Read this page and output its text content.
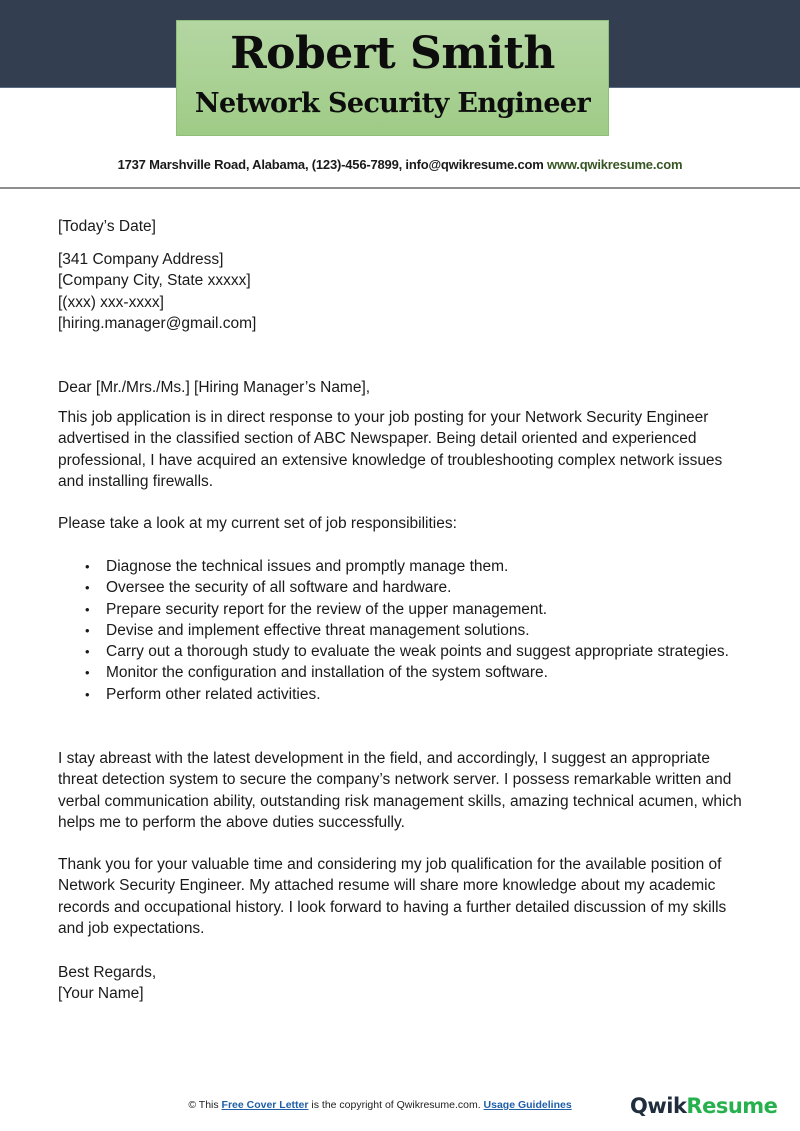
Robert Smith
Network Security Engineer
1737 Marshville Road, Alabama, (123)-456-7899, info@qwikresume.com www.qwikresume.com
[Today’s Date]

[341 Company Address]

[Company City, State xxxxx]

[(xxx) xxx-xxxx]

[hiring.manager@gmail.com]

Dear [Mr./Mrs./Ms.] [Hiring Manager’s Name],
This job application is in direct response to your job posting for your Network Security Engineer advertised in the classified section of ABC Newspaper. Being detail oriented and experienced professional, I have acquired an extensive knowledge of troubleshooting complex network issues and installing firewalls.
Please take a look at my current set of job responsibilities:
• Diagnose the technical issues and promptly manage them.
• Oversee the security of all software and hardware.
• Prepare security report for the review of the upper management.
• Devise and implement effective threat management solutions.
• Carry out a thorough study to evaluate the weak points and suggest appropriate strategies.
• Monitor the configuration and installation of the system software.
• Perform other related activities.
I stay abreast with the latest development in the field, and accordingly, I suggest an appropriate threat detection system to secure the company’s network server. I possess remarkable written and verbal communication ability, outstanding risk management skills, amazing technical acumen, which helps me to perform the above duties successfully.
Thank you for your valuable time and considering my job qualification for the available position of Network Security Engineer. My attached resume will share more knowledge about my academic records and occupational history. I look forward to having a further detailed discussion of my skills and job expectations.

Best Regards,

[Your Name]

© This Free Cover Letter is the copyright of Qwikresume.com. Usage Guidelines	QwikResume
